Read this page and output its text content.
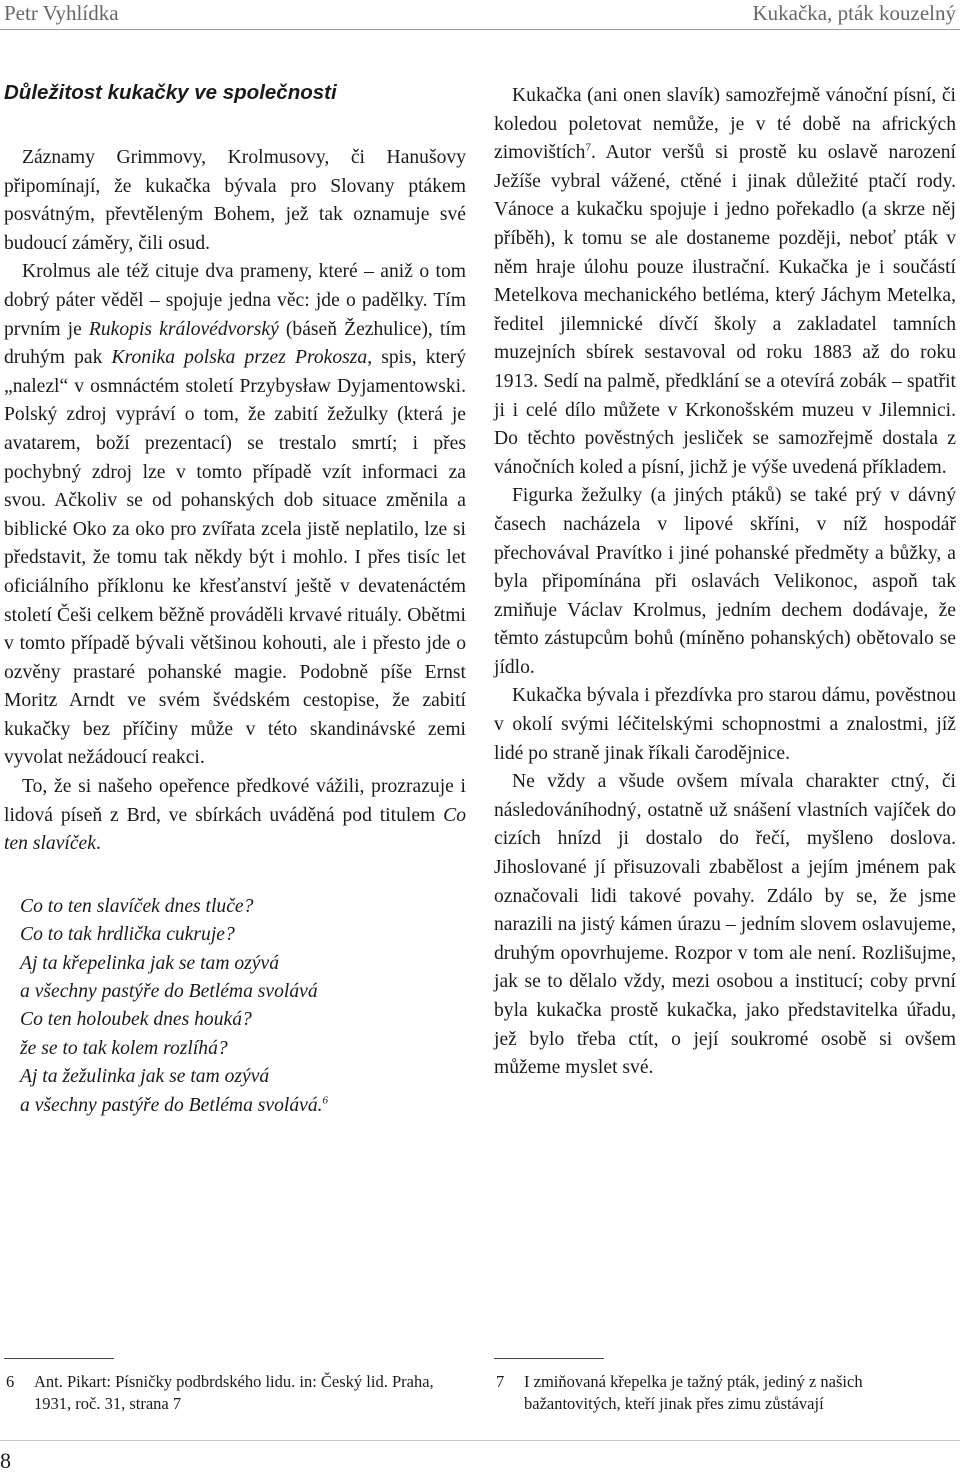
Petr Vyhlídka	Kukačka, pták kouzelný
Důležitost kukačky ve společnosti

Záznamy Grimmovy, Krolmusovy, či Hanušovy připomínají, že kukačka bývala pro Slovany ptákem posvátným, převtěleným Bohem, jež tak oznamuje své budoucí záměry, čili osud.

Krolmus ale též cituje dva prameny, které – aniž o tom dobrý páter věděl – spojuje jedna věc: jde o padělky. Tím prvním je Rukopis královédvorský (báseň Žezhulice), tím druhým pak Kronika polska przez Prokosza, spis, který „nalezl“ v osmnáctém století Przybysław Dyjamentowski. Polský zdroj vypráví o tom, že zabití žežulky (která je avatarem, boží prezentací) se trestalo smrtí; i přes pochybný zdroj lze v tomto případě vzít informaci za svou. Ačkoliv se od pohanských dob situace změnila a biblické Oko za oko pro zvířata zcela jistě neplatilo, lze si představit, že tomu tak někdy být i mohlo. I přes tisíc let oficiálního příklonu ke křesťanství ještě v devatenáctém století Češi celkem běžně prováděli krvavé rituály. Obětmi v tomto případě bývali většinou kohouti, ale i přesto jde o ozvěny prastaré pohanské magie. Podobně píše Ernst Moritz Arndt ve svém švédském cestopise, že zabití kukačky bez příčiny může v této skandinávské zemi vyvolat nežádoucí reakci.

To, že si našeho opeřence předkové vážili, prozrazuje i lidová píseň z Brd, ve sbírkách uváděná pod titulem Co ten slavíček.

Co to ten slavíček dnes tluče?
Co to tak hrdlička cukruje?
Aj ta křepelinka jak se tam ozývá
a všechny pastýře do Betléma svolává
Co ten holoubek dnes houká?
že se to tak kolem rozlíhá?
Aj ta žežulinka jak se tam ozývá
a všechny pastýře do Betléma svolává.$^6$

Kukačka (ani onen slavík) samozřejmě vánoční písní, či koledou poletovat nemůže, je v té době na afrických zimovištích$^7$. Autor veršů si prostě ku oslavě narození Ježíše vybral vážené, ctěné i jinak důležité ptačí rody. Vánoce a kukačku spojuje i jedno pořekadlo (a skrze něj příběh), k tomu se ale dostaneme později, neboť pták v něm hraje úlohu pouze ilustrační. Kukačka je i součástí Metelkova mechanického betléma, který Jáchym Metelka, ředitel jilemnické dívčí školy a zakladatel tamních muzejních sbírek sestavoval od roku 1883 až do roku 1913. Sedí na palmě, předklání se a otevírá zobák – spatřit ji i celé dílo můžete v Krkonošském muzeu v Jilemnici. Do těchto pověstných jesliček se samozřejmě dostala z vánočních koled a písní, jichž je výše uvedená příkladem.

Figurka žežulky (a jiných ptáků) se také prý v dávný časech nacházela v lipové skříni, v níž hospodář přechovával Pravítko i jiné pohanské předměty a bůžky, a byla připomínána při oslavách Velikonoc, aspoň tak zmiňuje Václav Krolmus, jedním dechem dodávaje, že těmto zástupcům bohů (míněno pohanských) obětovalo se jídlo.

Kukačka bývala i přezdívka pro starou dámu, pověstnou v okolí svými léčitelskými schopnostmi a znalostmi, jíž lidé po straně jinak říkali čarodějnice.

Ne vždy a všude ovšem mívala charakter ctný, či následováníhodný, ostatně už snášení vlastních vajíček do cizích hnízd ji dostalo do řečí, myšleno doslova. Jihoslované jí přisuzovali zbabělost a jejím jménem pak označovali lidi takové povahy. Zdálo by se, že jsme narazili na jistý kámen úrazu – jedním slovem oslavujeme, druhým opovrhujeme. Rozpor v tom ale není. Rozlišujme, jak se to dělalo vždy, mezi osobou a institucí; coby první byla kukačka prostě kukačka, jako představitelka úřadu, jež bylo třeba ctít, o její soukromé osobě si ovšem můžeme myslet své.

6	Ant. Pikart: Písničky podbrdského lidu. in: Český lid. Praha, 1931, roč. 31, strana 7
7	I zmiňovaná křepelka je tažný pták, jediný z našich bažantovitých, kteří jinak přes zimu zůstávají
8
